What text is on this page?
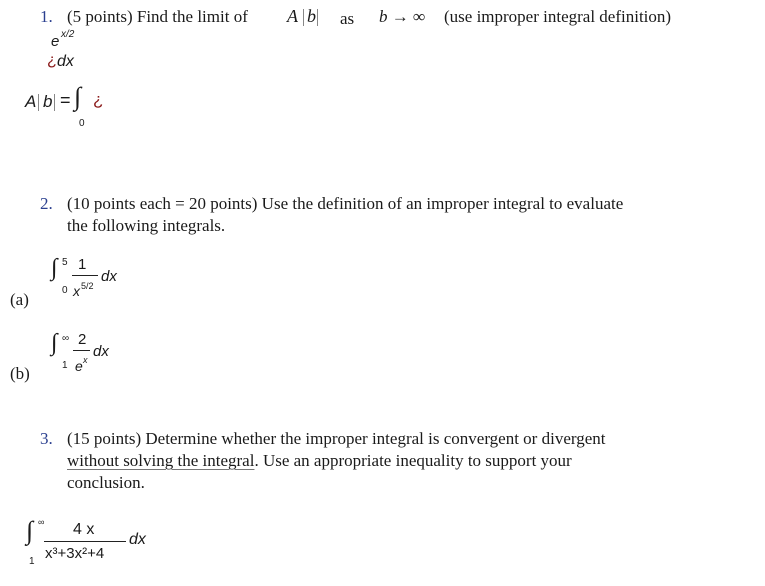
1. (5 points) Find the limit of A b as b → ∞ (use improper integral definition)
e x/2
¿ dx
A b = ∫ ¿
0
2. (10 points each = 20 points) Use the definition of an improper integral to evaluate
the following integrals.
(a)
∫ 5
0
1
x 5/2
dx
(b)
∫ ∞
1
2
e x dx
3. (15 points) Determine whether the improper integral is convergent or divergent
without solving the integral. Use an appropriate inequality to support your
conclusion.
∫ ∞
1
4 x
x³+3x²+4
dx
